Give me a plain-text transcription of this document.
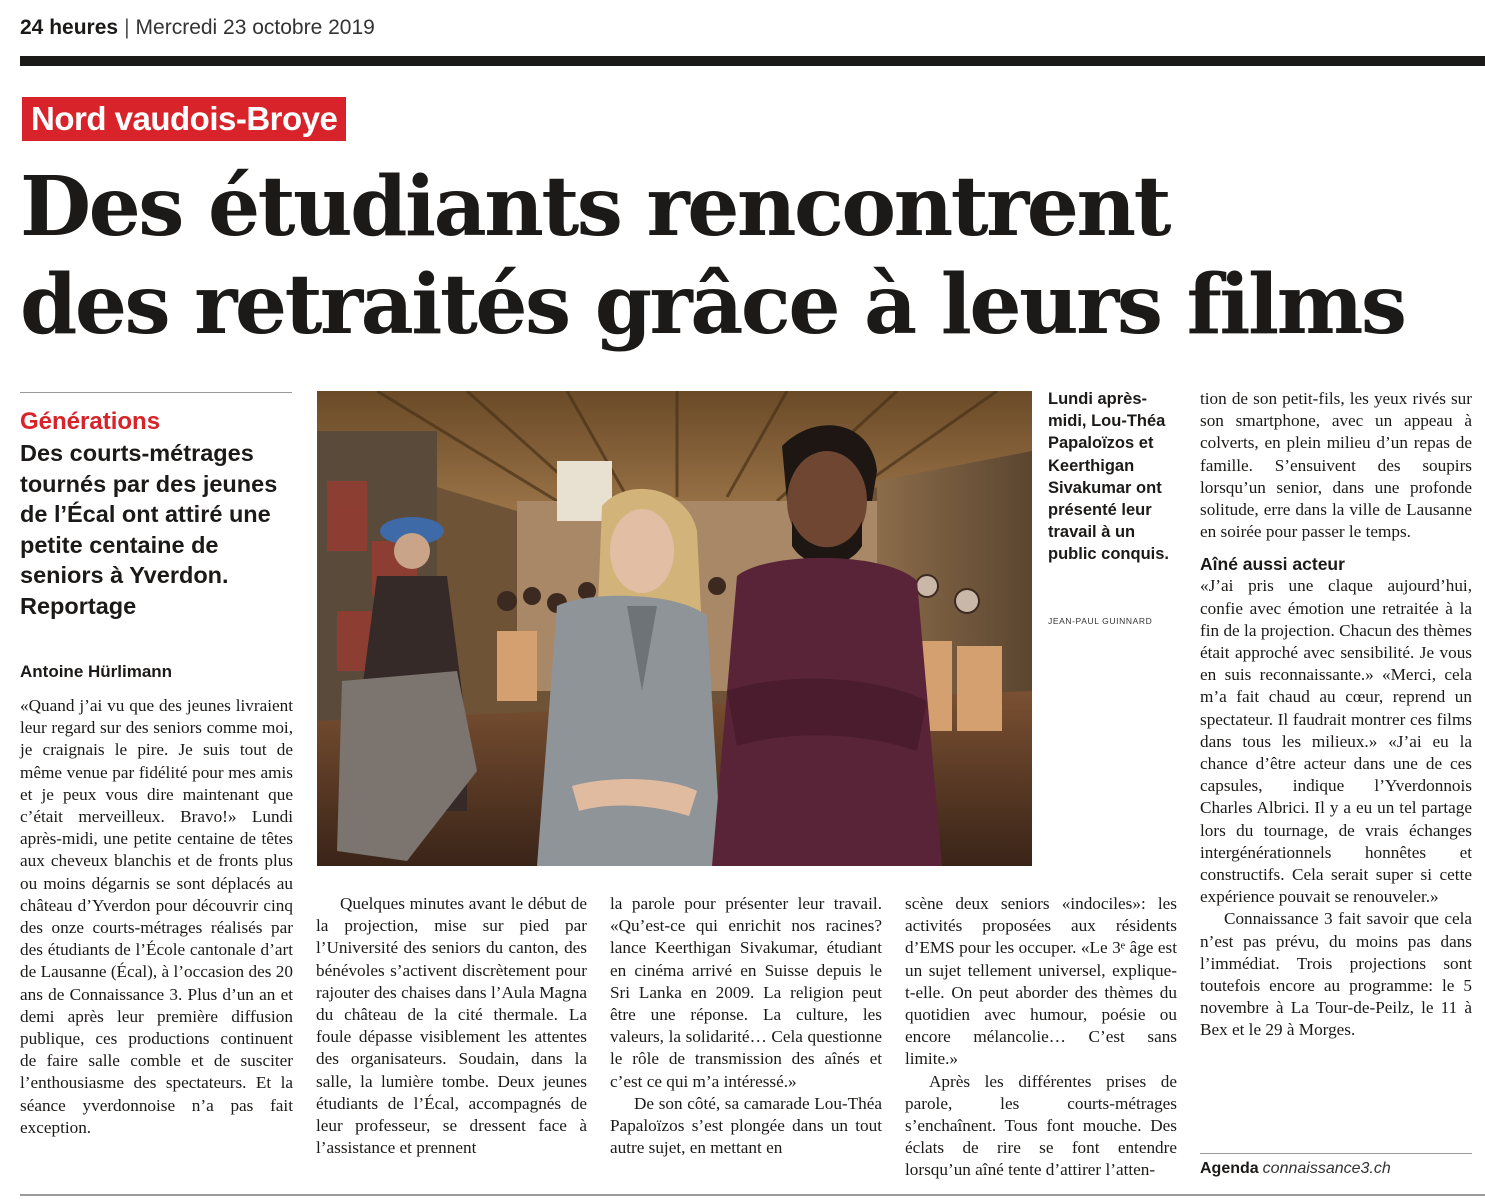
24 heures | Mercredi 23 octobre 2019
Nord vaudois-Broye
Des étudiants rencontrent
des retraités grâce à leurs films
Générations
Des courts-métrages tournés par des jeunes de l’Écal ont attiré une petite centaine de seniors à Yverdon. Reportage
Antoine Hürlimann

«Quand j’ai vu que des jeunes livraient leur regard sur des seniors comme moi, je craignais le pire. Je suis tout de même venue par fidélité pour mes amis et je peux vous dire maintenant que c’était merveilleux. Bravo!» Lundi après-midi, une petite centaine de têtes aux cheveux blanchis et de fronts plus ou moins dégarnis se sont déplacés au château d’Yverdon pour découvrir cinq des onze courts-métrages réalisés par des étudiants de l’École cantonale d’art de Lausanne (Écal), à l’occasion des 20 ans de Connaissance 3. Plus d’un an et demi après leur première diffusion publique, ces productions continuent de faire salle comble et de susciter l’enthousiasme des spectateurs. Et la séance yverdonnoise n’a pas fait exception.

Quelques minutes avant le début de la projection, mise sur pied par l’Université des seniors du canton, des bénévoles s’activent discrètement pour rajouter des chaises dans l’Aula Magna du château de la cité thermale. La foule dépasse visiblement les attentes des organisateurs. Soudain, dans la salle, la lumière tombe. Deux jeunes étudiants de l’Écal, accompagnés de leur professeur, se dressent face à l’assistance et prennent

la parole pour présenter leur travail. «Qu’est-ce qui enrichit nos racines? lance Keerthigan Sivakumar, étudiant en cinéma arrivé en Suisse depuis le Sri Lanka en 2009. La religion peut être une réponse. La culture, les valeurs, la solidarité… Cela questionne le rôle de transmission des aînés et c’est ce qui m’a intéressé.»

De son côté, sa camarade Lou-Théa Papaloïzos s’est plongée dans un tout autre sujet, en mettant en

scène deux seniors «indociles»: les activités proposées aux résidents d’EMS pour les occuper. «Le 3ᵉ âge est un sujet tellement universel, explique-t-elle. On peut aborder des thèmes du quotidien avec humour, poésie ou encore mélancolie… C’est sans limite.»

Après les différentes prises de parole, les courts-métrages s’enchaînent. Tous font mouche. Des éclats de rire se font entendre lorsqu’un aîné tente d’attirer l’atten-

tion de son petit-fils, les yeux rivés sur son smartphone, avec un appeau à colverts, en plein milieu d’un repas de famille. S’ensuivent des soupirs lorsqu’un senior, dans une profonde solitude, erre dans la ville de Lausanne en soirée pour passer le temps.

Aîné aussi acteur

«J’ai pris une claque aujourd’hui, confie avec émotion une retraitée à la fin de la projection. Chacun des thèmes était approché avec sensibilité. Je vous en suis reconnaissante.» «Merci, cela m’a fait chaud au cœur, reprend un spectateur. Il faudrait montrer ces films dans tous les milieux.» «J’ai eu la chance d’être acteur dans une de ces capsules, indique l’Yverdonnois Charles Albrici. Il y a eu un tel partage lors du tournage, de vrais échanges intergénérationnels honnêtes et constructifs. Cela serait super si cette expérience pouvait se renouveler.»

Connaissance 3 fait savoir que cela n’est pas prévu, du moins pas dans l’immédiat. Trois projections sont toutefois encore au programme: le 5 novembre à La Tour-de-Peilz, le 11 à Bex et le 29 à Morges.

Lundi après-midi, Lou-Théa Papaloïzos et Keerthigan Sivakumar ont présenté leur travail à un public conquis.
JEAN-PAUL GUINNARD
Agenda connaissance3.ch
